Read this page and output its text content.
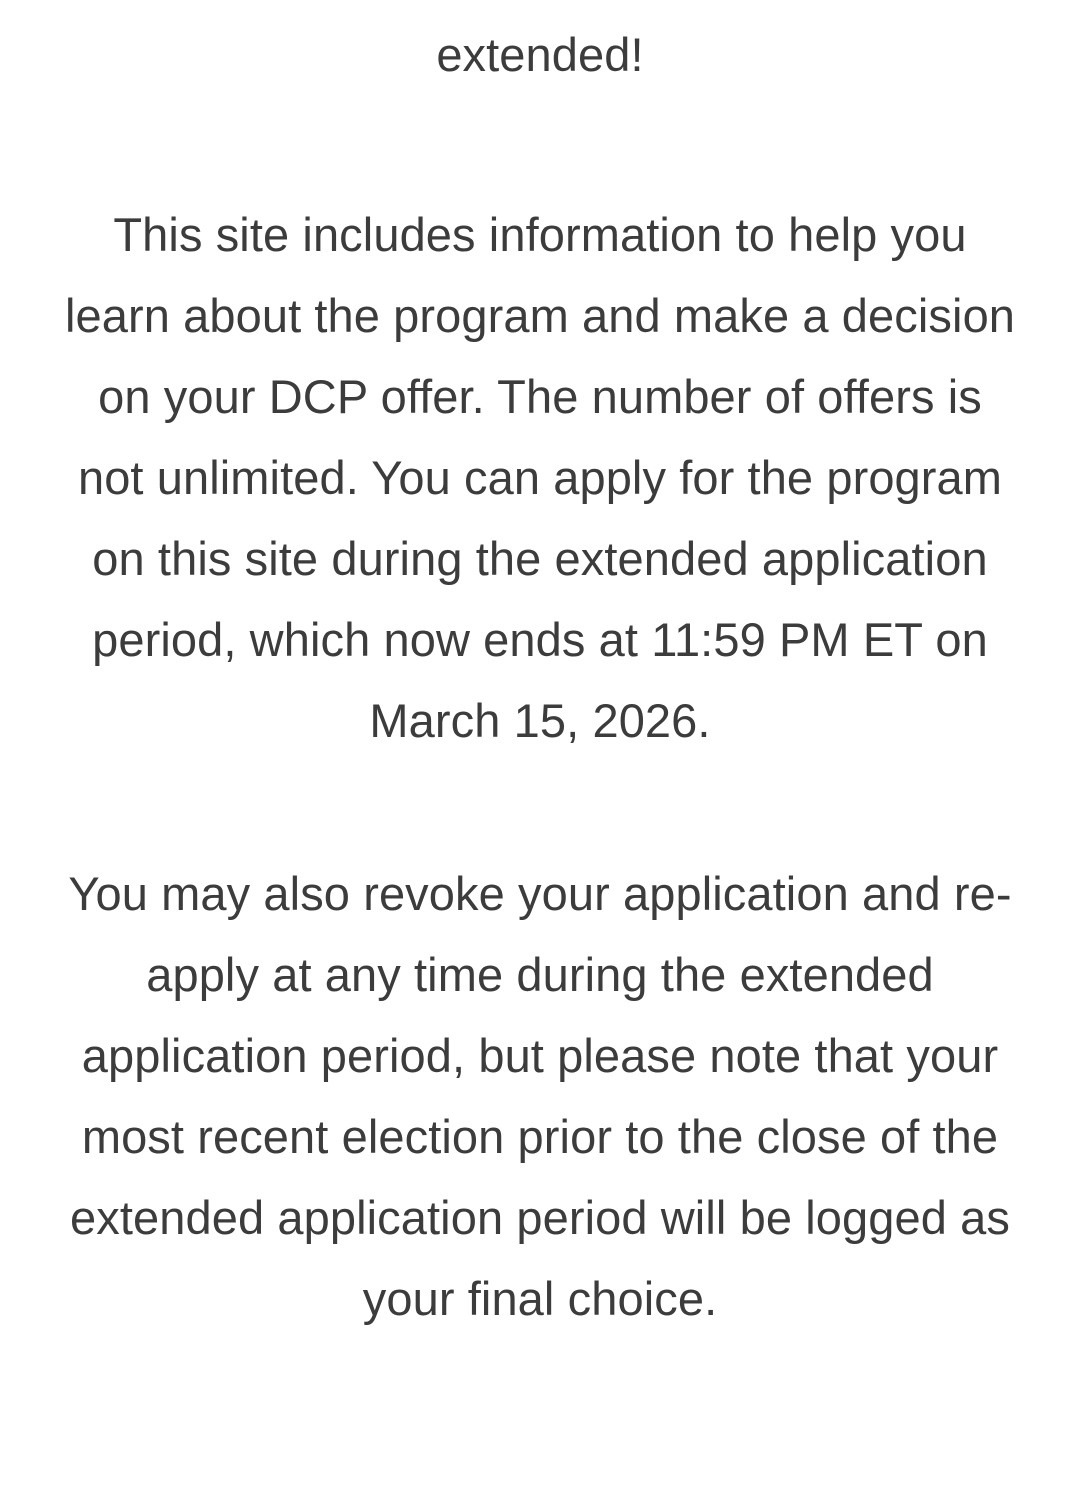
extended!

This site includes information to help you learn about the program and make a decision on your DCP offer. The number of offers is not unlimited. You can apply for the program on this site during the extended application period, which now ends at 11:59 PM ET on March 15, 2026.

You may also revoke your application and re-apply at any time during the extended application period, but please note that your most recent election prior to the close of the extended application period will be logged as your final choice.
